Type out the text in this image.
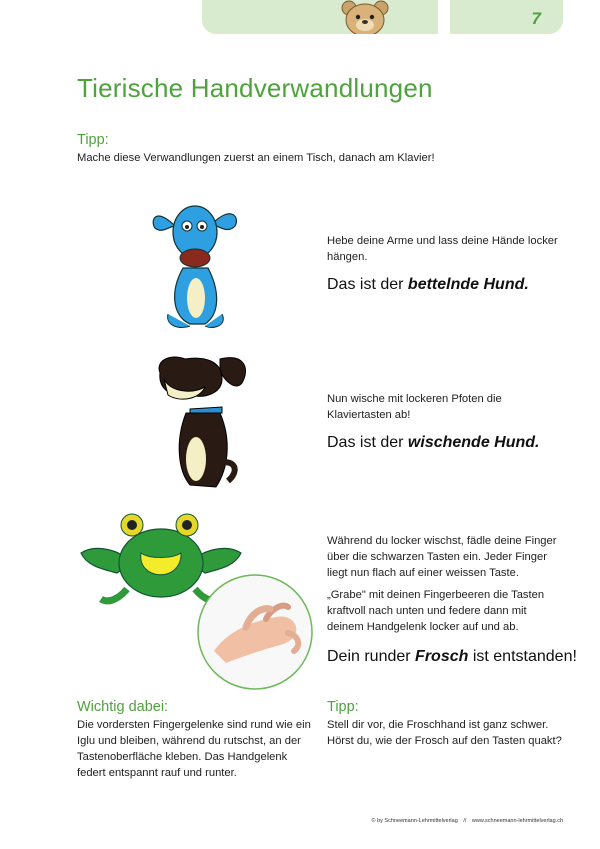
7
Tierische Handverwandlungen

Tipp:

Mache diese Verwandlungen zuerst an einem Tisch, danach am Klavier!

Hebe deine Arme und lass deine Hände locker hängen.

Das ist der bettelnde Hund.

Nun wische mit lockeren Pfoten die Klaviertasten ab!

Das ist der wischende Hund.

Während du locker wischst, fädle deine Finger über die schwarzen Tasten ein. Jeder Finger liegt nun flach auf einer weissen Taste.

„Grabe" mit deinen Fingerbeeren die Tasten kraftvoll nach unten und federe dann mit deinem Handgelenk locker auf und ab.

Dein runder Frosch ist entstanden!

Wichtig dabei:

Die vordersten Fingergelenke sind rund wie ein Iglu und bleiben, während du rutschst, an der Tastenoberfläche kleben. Das Handgelenk federt entspannt rauf und runter.

Tipp:

Stell dir vor, die Froschhand ist ganz schwer. Hörst du, wie der Frosch auf den Tasten quakt?

© by Schneemann-Lehrmittelverlag // www.schneemann-lehrmittelverlag.ch
